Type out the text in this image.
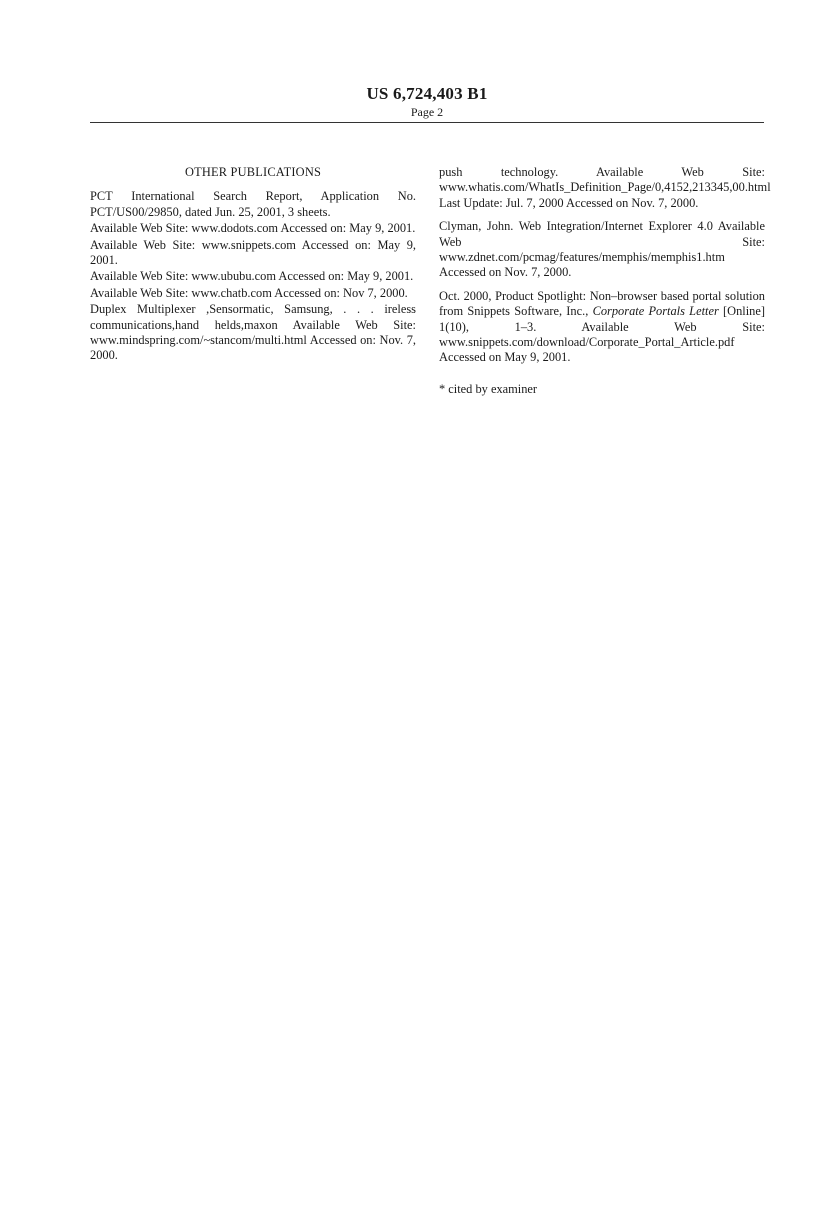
US 6,724,403 B1
Page 2
OTHER PUBLICATIONS

PCT International Search Report, Application No. PCT/US00/29850, dated Jun. 25, 2001, 3 sheets.

Available Web Site: www.dodots.com Accessed on: May 9, 2001.

Available Web Site: www.snippets.com Accessed on: May 9, 2001.

Available Web Site: www.ububu.com Accessed on: May 9, 2001.

Available Web Site: www.chatb.com Accessed on: Nov 7, 2000.

Duplex Multiplexer ,Sensormatic, Samsung, . . . ireless communications,hand helds,maxon Available Web Site: www.mindspring.com/~stancom/multi.html Accessed on: Nov. 7, 2000.

push technology. Available Web Site: www.whatis.com/WhatIs_Definition_Page/0,4152,213345,00.html Last Update: Jul. 7, 2000 Accessed on Nov. 7, 2000.

Clyman, John. Web Integration/Internet Explorer 4.0 Available Web Site: www.zdnet.com/pcmag/features/memphis/memphis1.htm Accessed on Nov. 7, 2000.

Oct. 2000, Product Spotlight: Non–browser based portal solution from Snippets Software, Inc., Corporate Portals Letter [Online] 1(10), 1–3. Available Web Site: www.snippets.com/download/Corporate_Portal_Article.pdf Accessed on May 9, 2001.

* cited by examiner
